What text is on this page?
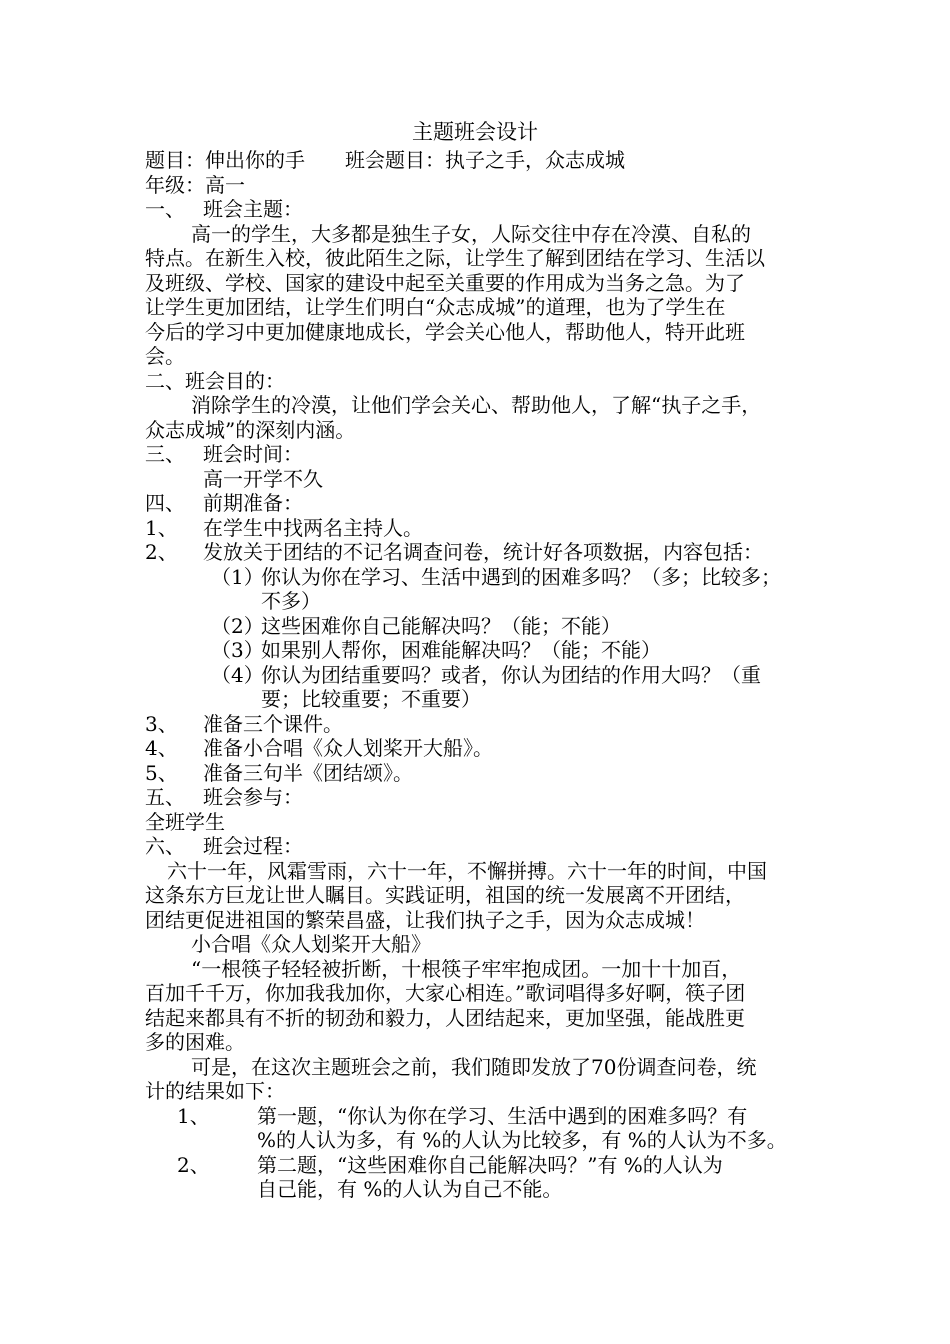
主题班会设计
题目：伸出你的手　　班会题目：执子之手，众志成城
年级：高一
一、 班会主题：
高一的学生，大多都是独生子女，人际交往中存在冷漠、自私的
特点。在新生入校，彼此陌生之际，让学生了解到团结在学习、生活以
及班级、学校、国家的建设中起至关重要的作用成为当务之急。为了
让学生更加团结，让学生们明白“众志成城”的道理，也为了学生在
今后的学习中更加健康地成长，学会关心他人，帮助他人，特开此班
会。
二、班会目的：
消除学生的冷漠，让他们学会关心、帮助他人，了解“执子之手，
众志成城”的深刻内涵。
三、 班会时间：
高一开学不久
四、 前期准备：
1、 在学生中找两名主持人。
2、 发放关于团结的不记名调查问卷，统计好各项数据，内容包括：
（1）
你认为你在学习、生活中遇到的困难多吗？（多；比较多；
不多）
（2）
这些困难你自己能解决吗？（能；不能）
（3）
如果别人帮你，困难能解决吗？（能；不能）
（4）
你认为团结重要吗？或者，你认为团结的作用大吗？（重
要；比较重要；不重要）
3、 准备三个课件。
4、 准备小合唱《众人划桨开大船》。
5、 准备三句半《团结颂》。
五、 班会参与：
全班学生
六、 班会过程：
六十一年，风霜雪雨，六十一年，不懈拼搏。六十一年的时间，中国
这条东方巨龙让世人瞩目。实践证明，祖国的统一发展离不开团结，
团结更促进祖国的繁荣昌盛，让我们执子之手，因为众志成城！
小合唱《众人划桨开大船》
“一根筷子轻轻被折断，十根筷子牢牢抱成团。一加十十加百，
百加千千万，你加我我加你，大家心相连。”歌词唱得多好啊，筷子团
结起来都具有不折的韧劲和毅力，人团结起来，更加坚强，能战胜更
多的困难。
可是，在这次主题班会之前，我们随即发放了70份调查问卷，统
计的结果如下：
1、	第一题，“你认为你在学习、生活中遇到的困难多吗？有
%的人认为多，有 %的人认为比较多，有 %的人认为不多。
2、	第二题，“这些困难你自己能解决吗？”有 %的人认为
自己能，有 %的人认为自己不能。
